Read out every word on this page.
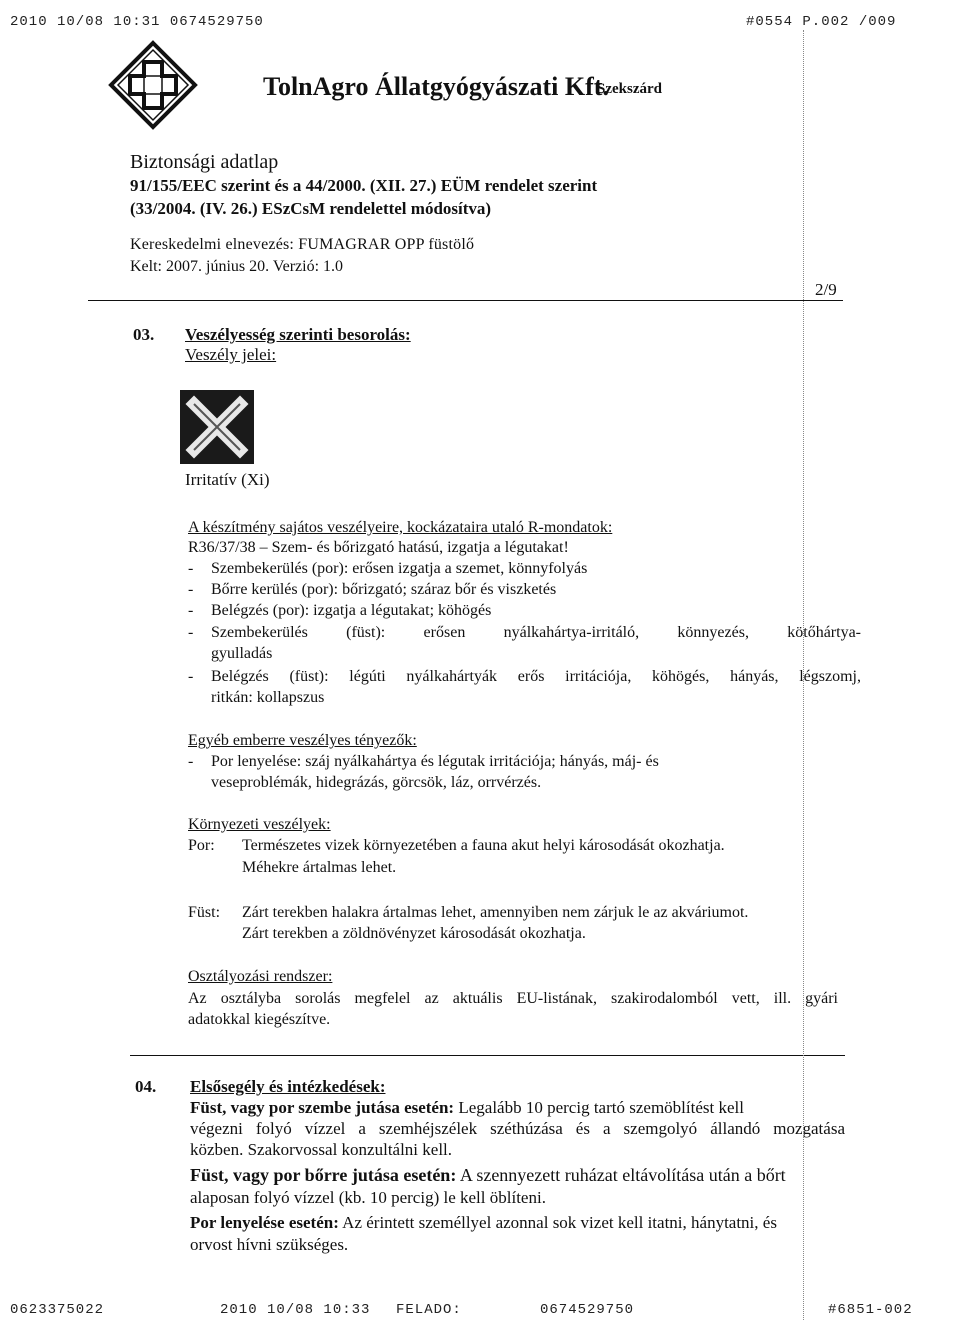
2010 10/08 10:31 0674529750	#0554 P.002 /009
TolnAgro Állatgyógyászati Kft.
Szekszárd
Biztonsági adatlap
91/155/EEC szerint és a 44/2000. (XII. 27.) EÜM rendelet szerint
(33/2004. (IV. 26.) ESzCsM rendelettel módosítva)
Kereskedelmi elnevezés: FUMAGRAR OPP füstölő
Kelt: 2007. június 20. Verzió: 1.0
2/9
03. Veszélyesség szerinti besorolás:
Veszély jelei:
Irritatív (Xi)
A készítmény sajátos veszélyeire, kockázataira utaló R-mondatok:
R36/37/38 – Szem- és bőrizgató hatású, izgatja a légutakat!
- Szembekerülés (por): erősen izgatja a szemet, könnyfolyás
- Bőrre kerülés (por): bőrizgató; száraz bőr és viszketés
- Belégzés (por): izgatja a légutakat; köhögés
- Szembekerülés (füst): erősen nyálkahártya-irritáló, könnyezés, kötőhártya-
gyulladás
- Belégzés (füst): légúti nyálkahártyák erős irritációja, köhögés, hányás, légszomj,
ritkán: kollapszus
Egyéb emberre veszélyes tényezők:
- Por lenyelése: száj nyálkahártya és légutak irritációja; hányás, máj- és
veseproblémák, hidegrázás, görcsök, láz, orrvérzés.
Környezeti veszélyek:
Por: Természetes vizek környezetében a fauna akut helyi károsodását okozhatja.
Méhekre ártalmas lehet.
Füst: Zárt terekben halakra ártalmas lehet, amennyiben nem zárjuk le az akváriumot.
Zárt terekben a zöldnövényzet károsodását okozhatja.
Osztályozási rendszer:
Az osztályba sorolás megfelel az aktuális EU-listának, szakirodalomból vett, ill. gyári
adatokkal kiegészítve.
04. Elsősegély és intézkedések:
Füst, vagy por szembe jutása esetén: Legalább 10 percig tartó szemöblítést kell
végezni folyó vízzel a szemhéjszélek széthúzása és a szemgolyó állandó mozgatása
közben. Szakorvossal konzultálni kell.
Füst, vagy por bőrre jutása esetén: A szennyezett ruházat eltávolítása után a bőrt
alaposan folyó vízzel (kb. 10 percig) le kell öblíteni.
Por lenyelése esetén: Az érintett személlyel azonnal sok vizet kell itatni, hánytatni, és
orvost hívni szükséges.
0623375022	2010 10/08 10:33 FELADO:	0674529750	#6851-002
